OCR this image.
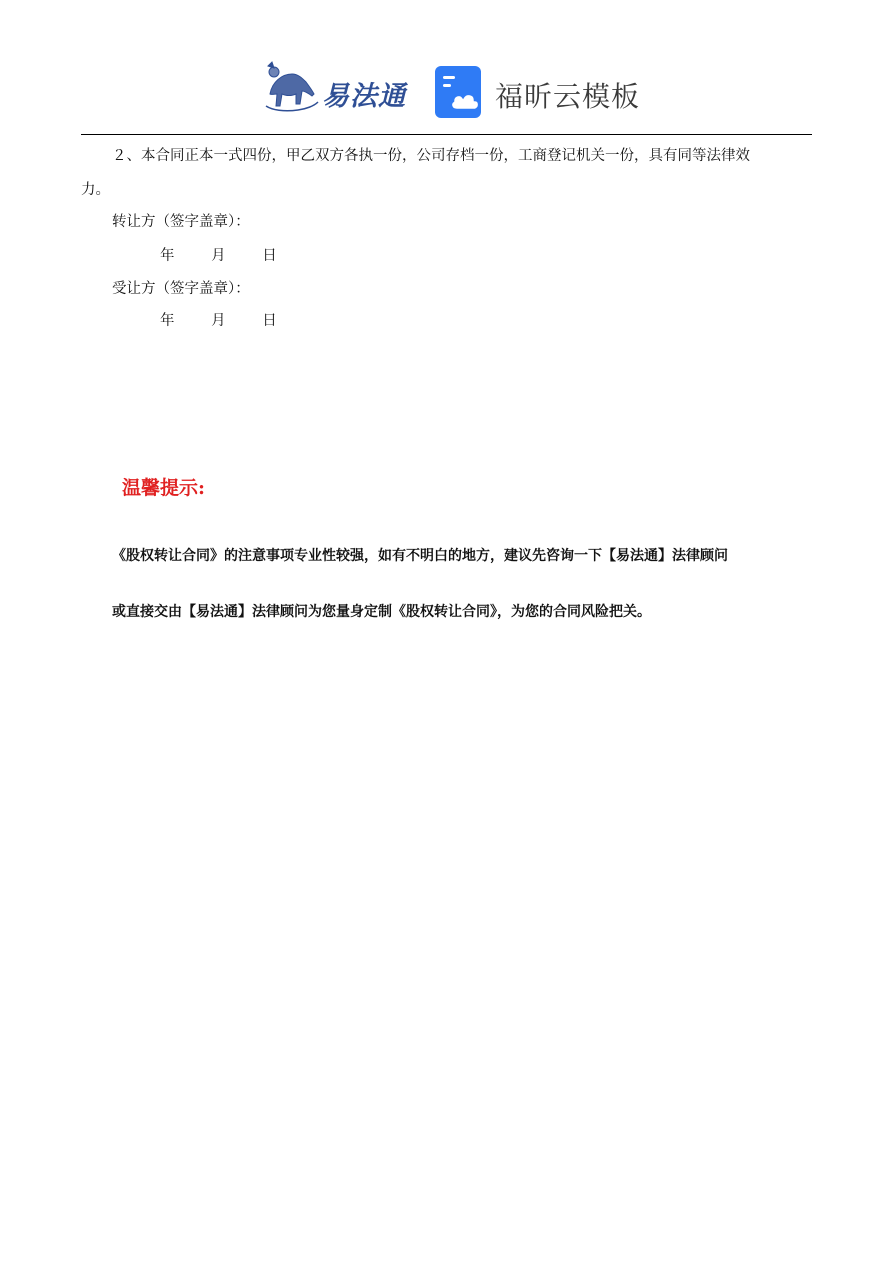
易法通	福昕云模板
２、本合同正本一式四份，甲乙双方各执一份，公司存档一份，工商登记机关一份，具有同等法律效
力。
转让方（签字盖章）：
年	月	日
受让方（签字盖章）：
年	月	日
温馨提示:
《股权转让合同》的注意事项专业性较强，如有不明白的地方，建议先咨询一下【易法通】法律顾问
或直接交由【易法通】法律顾问为您量身定制《股权转让合同》，为您的合同风险把关。
